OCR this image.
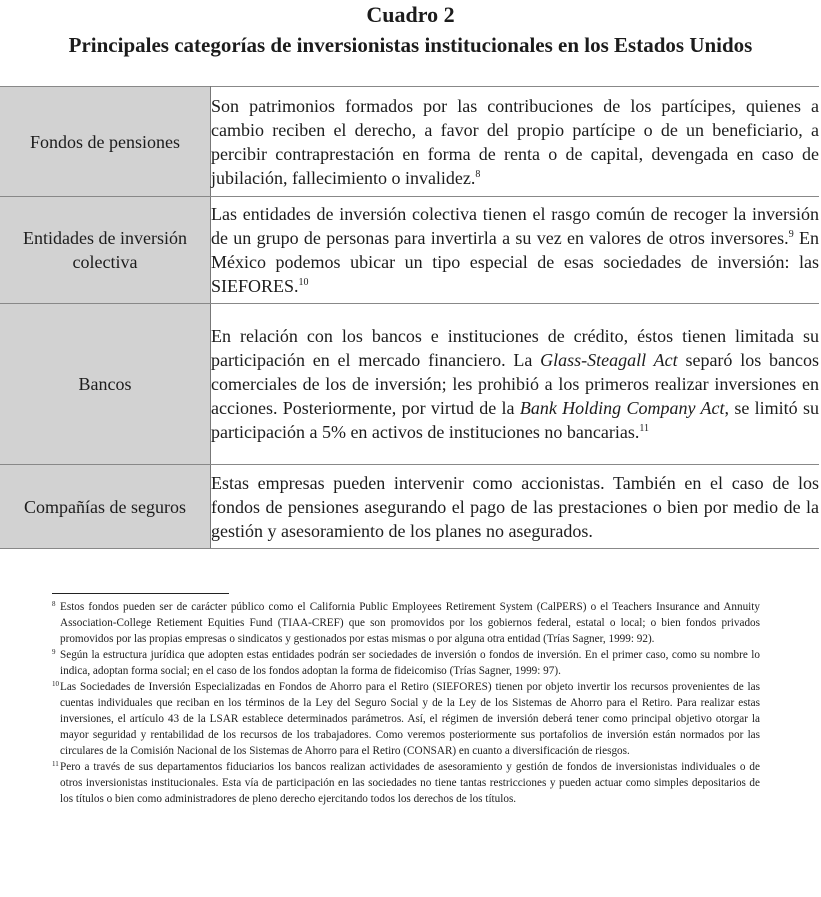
Cuadro 2
Principales categorías de inversionistas institucionales en los Estados Unidos
Fondos de pensiones	Son patrimonios formados por las contribuciones de los partícipes, quienes a cambio reciben el derecho, a favor del propio partícipe o de un beneficiario, a percibir contraprestación en forma de renta o de capital, devengada en caso de jubilación, fallecimiento o invalidez.$^8$
Entidades de inversión colectiva	Las entidades de inversión colectiva tienen el rasgo común de recoger la inversión de un grupo de personas para invertirla a su vez en valores de otros inversores.$^9$ En México podemos ubicar un tipo especial de esas sociedades de inversión: las SIEFORES.$^{10}$
Bancos	En relación con los bancos e instituciones de crédito, éstos tienen limitada su participación en el mercado financiero. La Glass-Steagall Act separó los bancos comerciales de los de inversión; les prohibió a los primeros realizar inversiones en acciones. Posteriormente, por virtud de la Bank Holding Company Act, se limitó su participación a 5% en activos de instituciones no bancarias.$^{11}$
Compañías de seguros	Estas empresas pueden intervenir como accionistas. También en el caso de los fondos de pensiones asegurando el pago de las prestaciones o bien por medio de la gestión y asesoramiento de los planes no asegurados.

8 Estos fondos pueden ser de carácter público como el California Public Employees Retirement System (CalPERS) o el Teachers Insurance and Annuity Association-College Retiement Equities Fund (TIAA-CREF) que son promovidos por los gobiernos federal, estatal o local; o bien fondos privados promovidos por las propias empresas o sindicatos y gestionados por estas mismas o por alguna otra entidad (Trías Sagner, 1999: 92).

9 Según la estructura jurídica que adopten estas entidades podrán ser sociedades de inversión o fondos de inversión. En el primer caso, como su nombre lo indica, adoptan forma social; en el caso de los fondos adoptan la forma de fideicomiso (Trías Sagner, 1999: 97).

10 Las Sociedades de Inversión Especializadas en Fondos de Ahorro para el Retiro (SIEFORES) tienen por objeto invertir los recursos provenientes de las cuentas individuales que reciban en los términos de la Ley del Seguro Social y de la Ley de los Sistemas de Ahorro para el Retiro. Para realizar estas inversiones, el artículo 43 de la LSAR establece determinados parámetros. Así, el régimen de inversión deberá tener como principal objetivo otorgar la mayor seguridad y rentabilidad de los recursos de los trabajadores. Como veremos posteriormente sus portafolios de inversión están normados por las circulares de la Comisión Nacional de los Sistemas de Ahorro para el Retiro (CONSAR) en cuanto a diversificación de riesgos.

11 Pero a través de sus departamentos fiduciarios los bancos realizan actividades de asesoramiento y gestión de fondos de inversionistas individuales o de otros inversionistas institucionales. Esta vía de participación en las sociedades no tiene tantas restricciones y pueden actuar como simples depositarios de los títulos o bien como administradores de pleno derecho ejercitando todos los derechos de los títulos.
